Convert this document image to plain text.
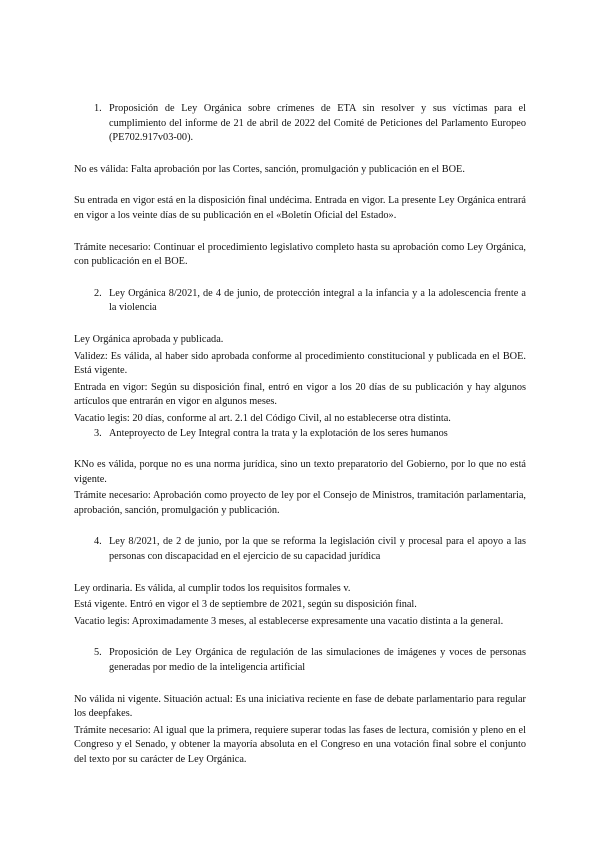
1. Proposición de Ley Orgánica sobre crímenes de ETA sin resolver y sus víctimas para el cumplimiento del informe de 21 de abril de 2022 del Comité de Peticiones del Parlamento Europeo (PE702.917v03-00).

No es válida: Falta aprobación por las Cortes, sanción, promulgación y publicación en el BOE.

Su entrada en vigor está en la disposición final undécima. Entrada en vigor. La presente Ley Orgánica entrará en vigor a los veinte días de su publicación en el «Boletín Oficial del Estado».

Trámite necesario: Continuar el procedimiento legislativo completo hasta su aprobación como Ley Orgánica, con publicación en el BOE.

2. Ley Orgánica 8/2021, de 4 de junio, de protección integral a la infancia y a la adolescencia frente a la violencia

Ley Orgánica aprobada y publicada.

Validez: Es válida, al haber sido aprobada conforme al procedimiento constitucional y publicada en el BOE. Está vigente.

Entrada en vigor: Según su disposición final, entró en vigor a los 20 días de su publicación y hay algunos artículos que entrarán en vigor en algunos meses.

Vacatio legis: 20 días, conforme al art. 2.1 del Código Civil, al no establecerse otra distinta.

3. Anteproyecto de Ley Integral contra la trata y la explotación de los seres humanos

KNo es válida, porque no es una norma jurídica, sino un texto preparatorio del Gobierno, por lo que no está vigente.

Trámite necesario: Aprobación como proyecto de ley por el Consejo de Ministros, tramitación parlamentaria, aprobación, sanción, promulgación y publicación.

4. Ley 8/2021, de 2 de junio, por la que se reforma la legislación civil y procesal para el apoyo a las personas con discapacidad en el ejercicio de su capacidad jurídica

Ley ordinaria. Es válida, al cumplir todos los requisitos formales v.

Está vigente. Entró en vigor el 3 de septiembre de 2021, según su disposición final.

Vacatio legis: Aproximadamente 3 meses, al establecerse expresamente una vacatio distinta a la general.

5. Proposición de Ley Orgánica de regulación de las simulaciones de imágenes y voces de personas generadas por medio de la inteligencia artificial

No válida ni vigente. Situación actual: Es una iniciativa reciente en fase de debate parlamentario para regular los deepfakes.

Trámite necesario: Al igual que la primera, requiere superar todas las fases de lectura, comisión y pleno en el Congreso y el Senado, y obtener la mayoría absoluta en el Congreso en una votación final sobre el conjunto del texto por su carácter de Ley Orgánica.
